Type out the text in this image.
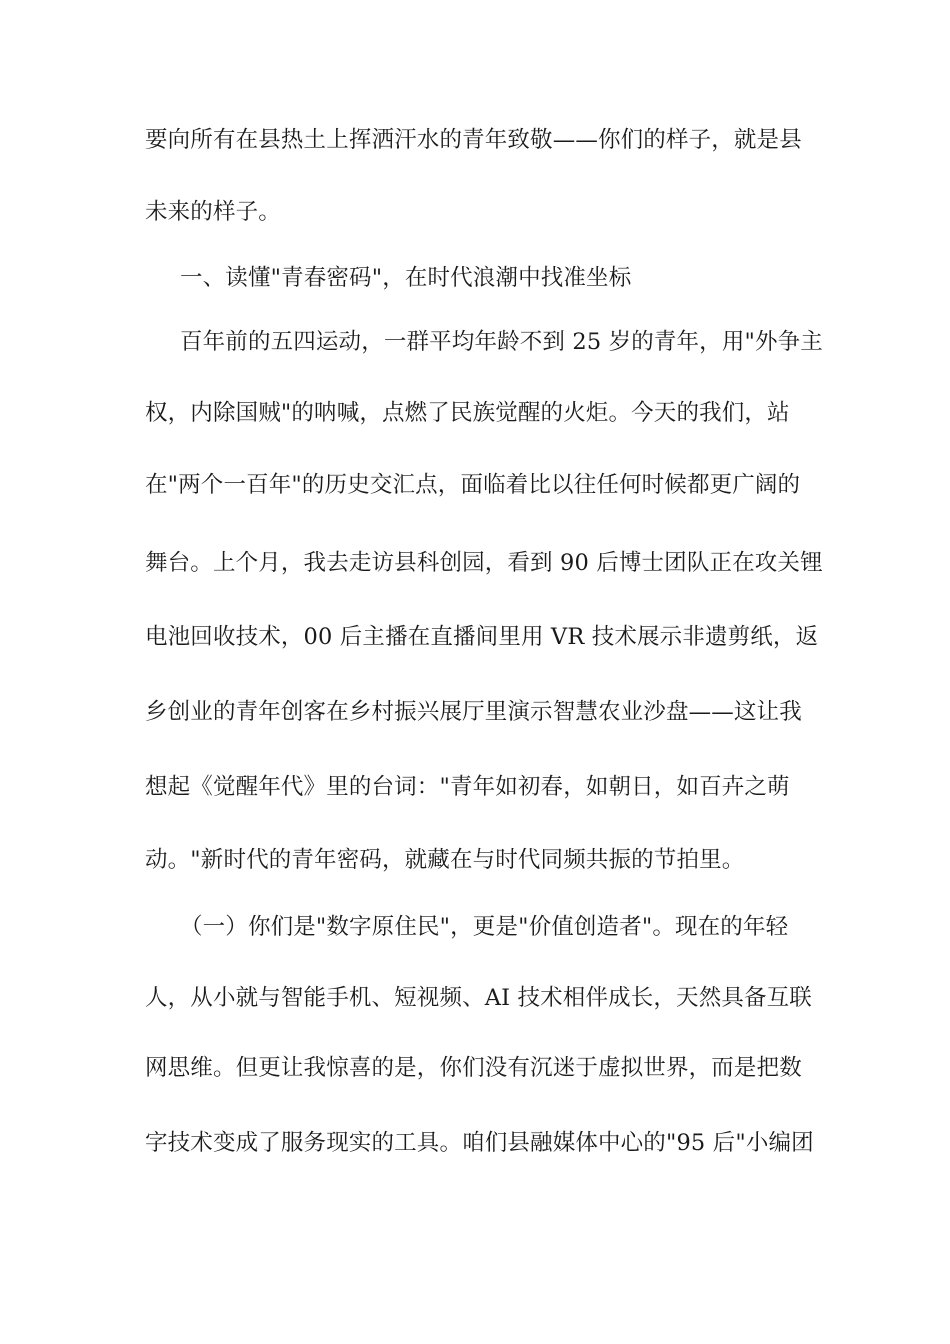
要向所有在县热土上挥洒汗水的青年致敬——你们的样子，就是县
未来的样子。
一、读懂"青春密码"，在时代浪潮中找准坐标
百年前的五四运动，一群平均年龄不到 25 岁的青年，用"外争主
权，内除国贼"的呐喊，点燃了民族觉醒的火炬。今天的我们，站
在"两个一百年"的历史交汇点，面临着比以往任何时候都更广阔的
舞台。上个月，我去走访县科创园，看到 90 后博士团队正在攻关锂
电池回收技术，00 后主播在直播间里用 VR 技术展示非遗剪纸，返
乡创业的青年创客在乡村振兴展厅里演示智慧农业沙盘——这让我
想起《觉醒年代》里的台词："青年如初春，如朝日，如百卉之萌
动。"新时代的青年密码，就藏在与时代同频共振的节拍里。
（一）你们是"数字原住民"，更是"价值创造者"。现在的年轻
人，从小就与智能手机、短视频、AI 技术相伴成长，天然具备互联
网思维。但更让我惊喜的是，你们没有沉迷于虚拟世界，而是把数
字技术变成了服务现实的工具。咱们县融媒体中心的"95 后"小编团
